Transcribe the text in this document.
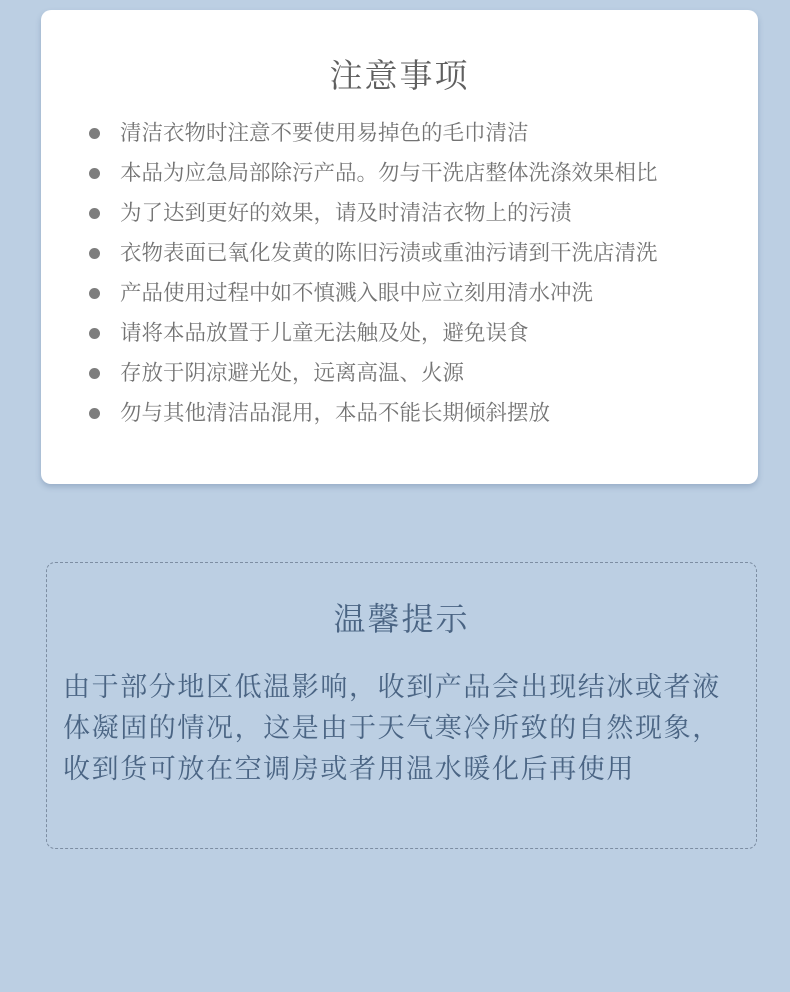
注意事项
清洁衣物时注意不要使用易掉色的毛巾清洁
本品为应急局部除污产品。勿与干洗店整体洗涤效果相比
为了达到更好的效果，请及时清洁衣物上的污渍
衣物表面已氧化发黄的陈旧污渍或重油污请到干洗店清洗
产品使用过程中如不慎溅入眼中应立刻用清水冲洗
请将本品放置于儿童无法触及处，避免误食
存放于阴凉避光处，远离高温、火源
勿与其他清洁品混用，本品不能长期倾斜摆放
温馨提示

由于部分地区低温影响，收到产品会出现结冰或者液
体凝固的情况，这是由于天气寒冷所致的自然现象，
收到货可放在空调房或者用温水暖化后再使用
